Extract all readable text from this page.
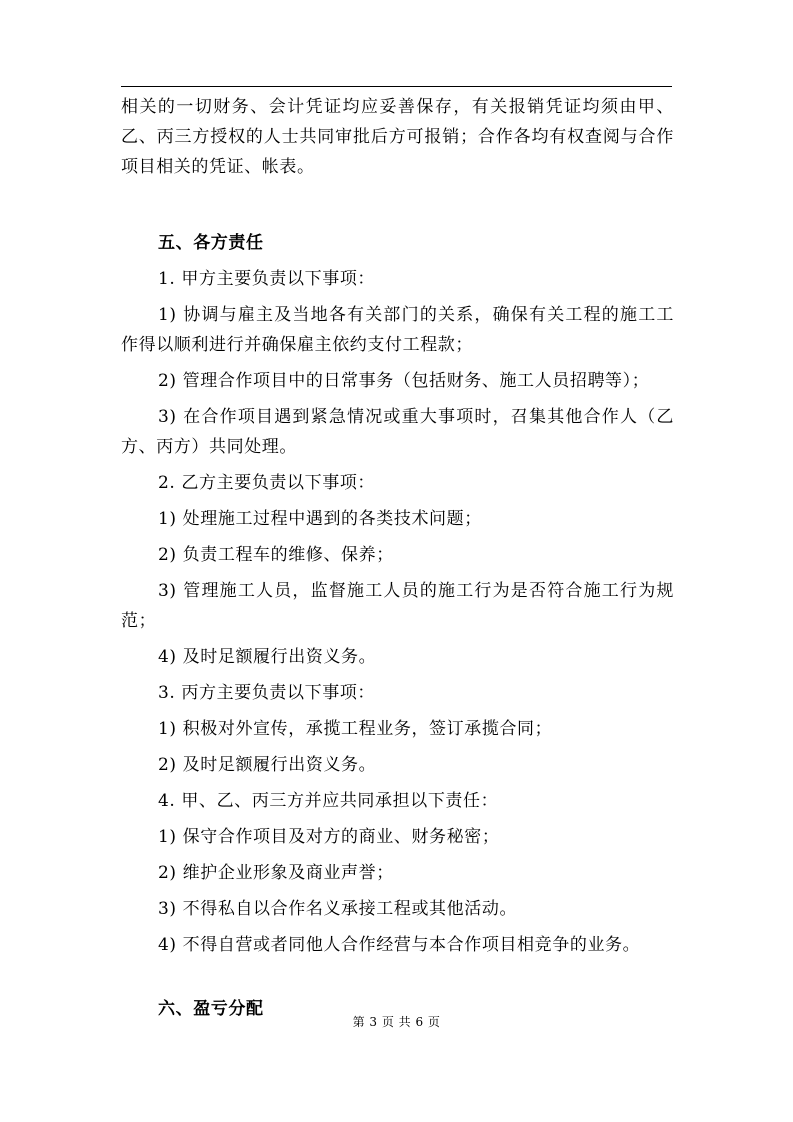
相关的一切财务、会计凭证均应妥善保存，有关报销凭证均须由甲、乙、丙三方授权的人士共同审批后方可报销；合作各均有权查阅与合作项目相关的凭证、帐表。

五、各方责任

1. 甲方主要负责以下事项：

1) 协调与雇主及当地各有关部门的关系，确保有关工程的施工工作得以顺利进行并确保雇主依约支付工程款；

2) 管理合作项目中的日常事务（包括财务、施工人员招聘等）；

3) 在合作项目遇到紧急情况或重大事项时，召集其他合作人（乙方、丙方）共同处理。

2. 乙方主要负责以下事项：

1) 处理施工过程中遇到的各类技术问题；

2) 负责工程车的维修、保养；

3) 管理施工人员，监督施工人员的施工行为是否符合施工行为规范；

4) 及时足额履行出资义务。

3. 丙方主要负责以下事项：

1) 积极对外宣传，承揽工程业务，签订承揽合同；

2) 及时足额履行出资义务。

4. 甲、乙、丙三方并应共同承担以下责任：

1) 保守合作项目及对方的商业、财务秘密；

2) 维护企业形象及商业声誉；

3) 不得私自以合作名义承接工程或其他活动。

4) 不得自营或者同他人合作经营与本合作项目相竞争的业务。

六、盈亏分配

第 3 页 共 6 页
